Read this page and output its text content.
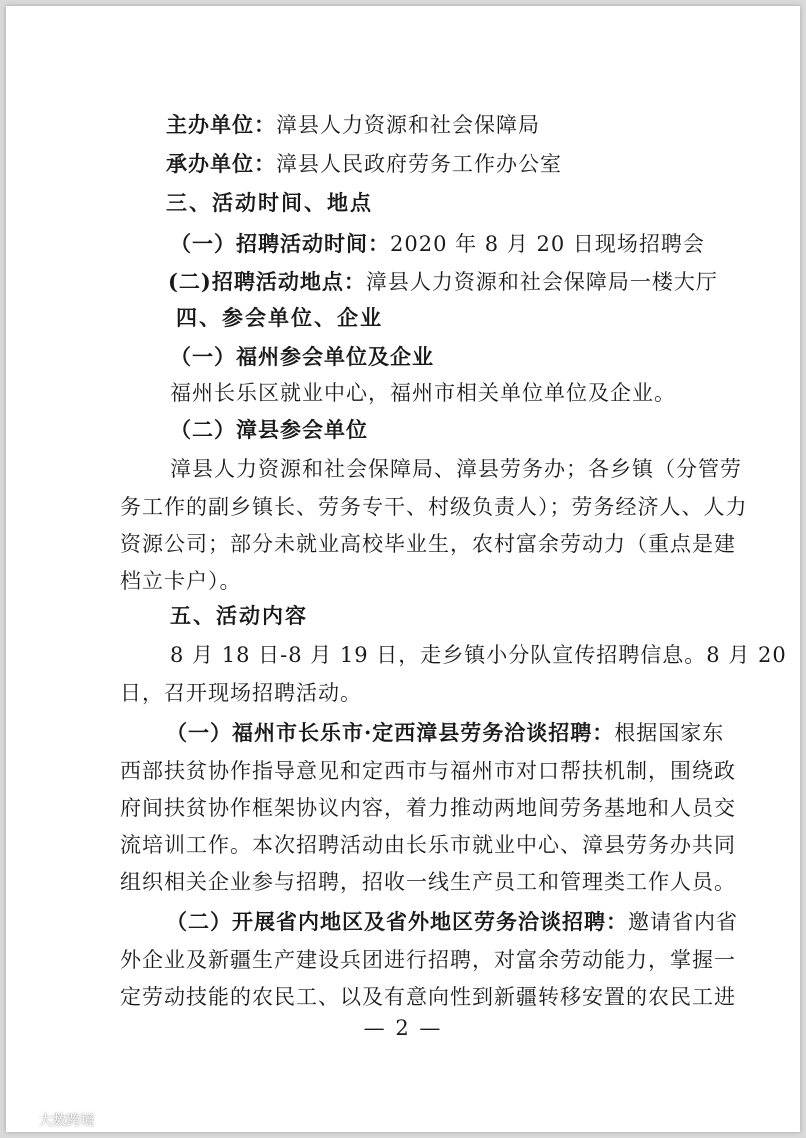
主办单位：漳县人力资源和社会保障局
承办单位：漳县人民政府劳务工作办公室
三、活动时间、地点
（一）招聘活动时间：2020 年 8 月 20 日现场招聘会
(二)招聘活动地点：漳县人力资源和社会保障局一楼大厅
四、参会单位、企业
（一）福州参会单位及企业
福州长乐区就业中心，福州市相关单位单位及企业。
（二）漳县参会单位
漳县人力资源和社会保障局、漳县劳务办；各乡镇（分管劳
务工作的副乡镇长、劳务专干、村级负责人）；劳务经济人、人力
资源公司；部分未就业高校毕业生，农村富余劳动力（重点是建
档立卡户）。
五、活动内容
8 月 18 日-8 月 19 日，走乡镇小分队宣传招聘信息。8 月 20
日，召开现场招聘活动。
（一）福州市长乐市·定西漳县劳务洽谈招聘：根据国家东
西部扶贫协作指导意见和定西市与福州市对口帮扶机制，围绕政
府间扶贫协作框架协议内容，着力推动两地间劳务基地和人员交
流培训工作。本次招聘活动由长乐市就业中心、漳县劳务办共同
组织相关企业参与招聘，招收一线生产员工和管理类工作人员。
（二）开展省内地区及省外地区劳务洽谈招聘：邀请省内省
外企业及新疆生产建设兵团进行招聘，对富余劳动能力，掌握一
定劳动技能的农民工、以及有意向性到新疆转移安置的农民工进
— 2 —
大数跨境
